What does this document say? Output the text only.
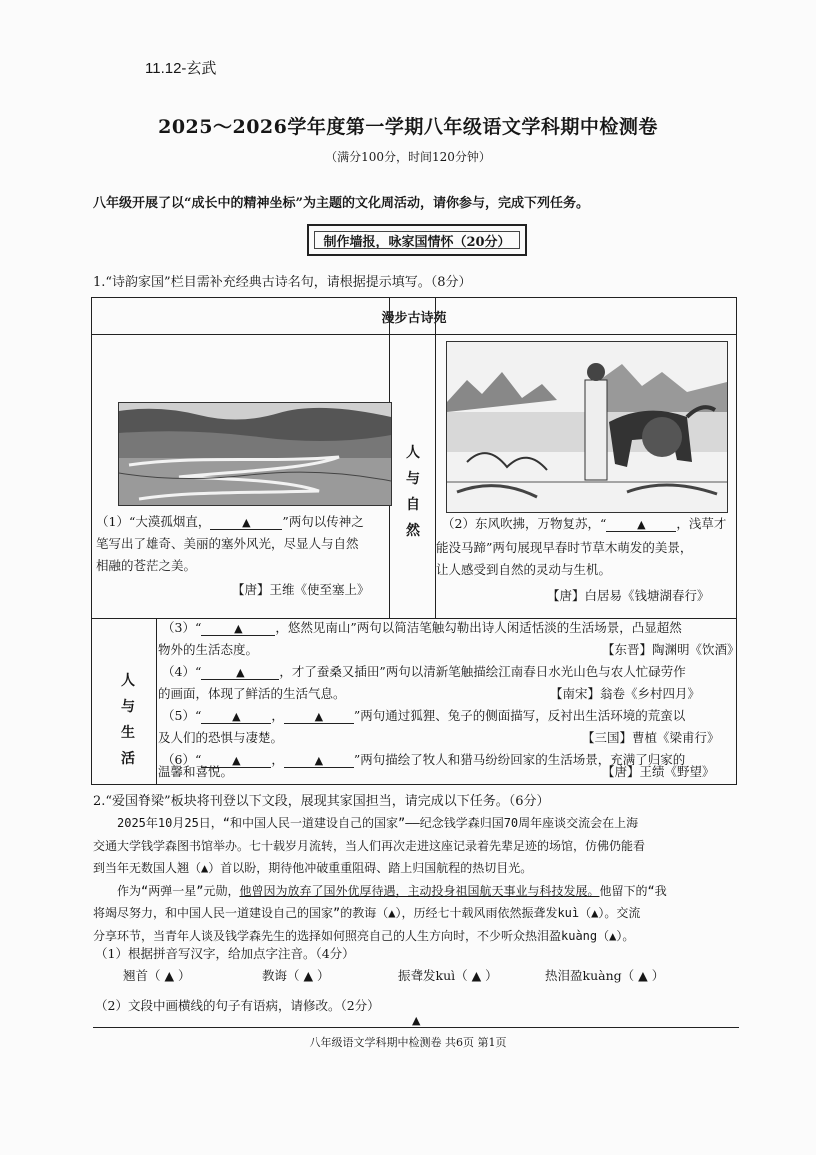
11.12-玄武
2025～2026学年度第一学期八年级语文学科期中检测卷
（满分100分，时间120分钟）
八年级开展了以“成长中的精神坐标”为主题的文化周活动，请你参与，完成下列任务。
制作墙报，咏家国情怀（20分）
1.“诗韵家国”栏目需补充经典古诗名句，请根据提示填写。（8分）
漫步古诗苑
人
与
自
然
（1）“大漠孤烟直，	▲	”两句以传神之
笔写出了雄奇、美丽的塞外风光，尽显人与自然
相融的苍茫之美。
【唐】王维《使至塞上》
（2）东风吹拂，万物复苏，“	▲ ，浅草才
能没马蹄”两句展现早春时节草木萌发的美景，
让人感受到自然的灵动与生机。
【唐】白居易《钱塘湖春行》
人
与
生
活
（3）“	▲	，悠然见南山”两句以简洁笔触勾勒出诗人闲适恬淡的生活场景，凸显超然
物外的生活态度。	【东晋】陶渊明《饮酒》
（4）“	▲	，才了蚕桑又插田”两句以清新笔触描绘江南春日水光山色与农人忙碌劳作
的画面，体现了鲜活的生活气息。	【南宋】翁卷《乡村四月》
（5）“	▲ ，	▲ ”两句通过狐狸、兔子的侧面描写，反衬出生活环境的荒蛮以
及人们的恐惧与凄楚。	【三国】曹植《梁甫行》
（6）“	▲ ，	▲ ”两句描绘了牧人和猎马纷纷回家的生活场景，充满了归家的
温馨和喜悦。	【唐】王绩《野望》
2.“爱国脊梁”板块将刊登以下文段，展现其家国担当，请完成以下任务。（6分）
　　2025年10月25日，“和中国人民一道建设自己的国家”——纪念钱学森归国70周年座谈交流会在上海
交通大学钱学森图书馆举办。七十载岁月流转，当人们再次走进这座记录着先辈足迹的场馆，仿佛仍能看
到当年无数国人翘（▲）首以盼，期待他冲破重重阻碍、踏上归国航程的热切目光。
　　作为“两弹一星”元勋，他曾因为放弃了国外优厚待遇，主动投身祖国航天事业与科技发展。他留下的“我
将竭尽努力，和中国人民一道建设自己的国家”的教诲（▲），历经七十载风雨依然振聋发kuì（▲）。交流
分享环节，当青年人谈及钱学森先生的选择如何照亮自己的人生方向时，不少听众热泪盈kuàng（▲）。
（1）根据拼音写汉字，给加点字注音。（4分）
翘首（ ▲ ）	教诲（ ▲ ）	振聋发kuì（ ▲ ）	热泪盈kuàng（ ▲ ）
（2）文段中画横线的句子有语病，请修改。（2分）
▲
八年级语文学科期中检测卷 共6页 第1页
